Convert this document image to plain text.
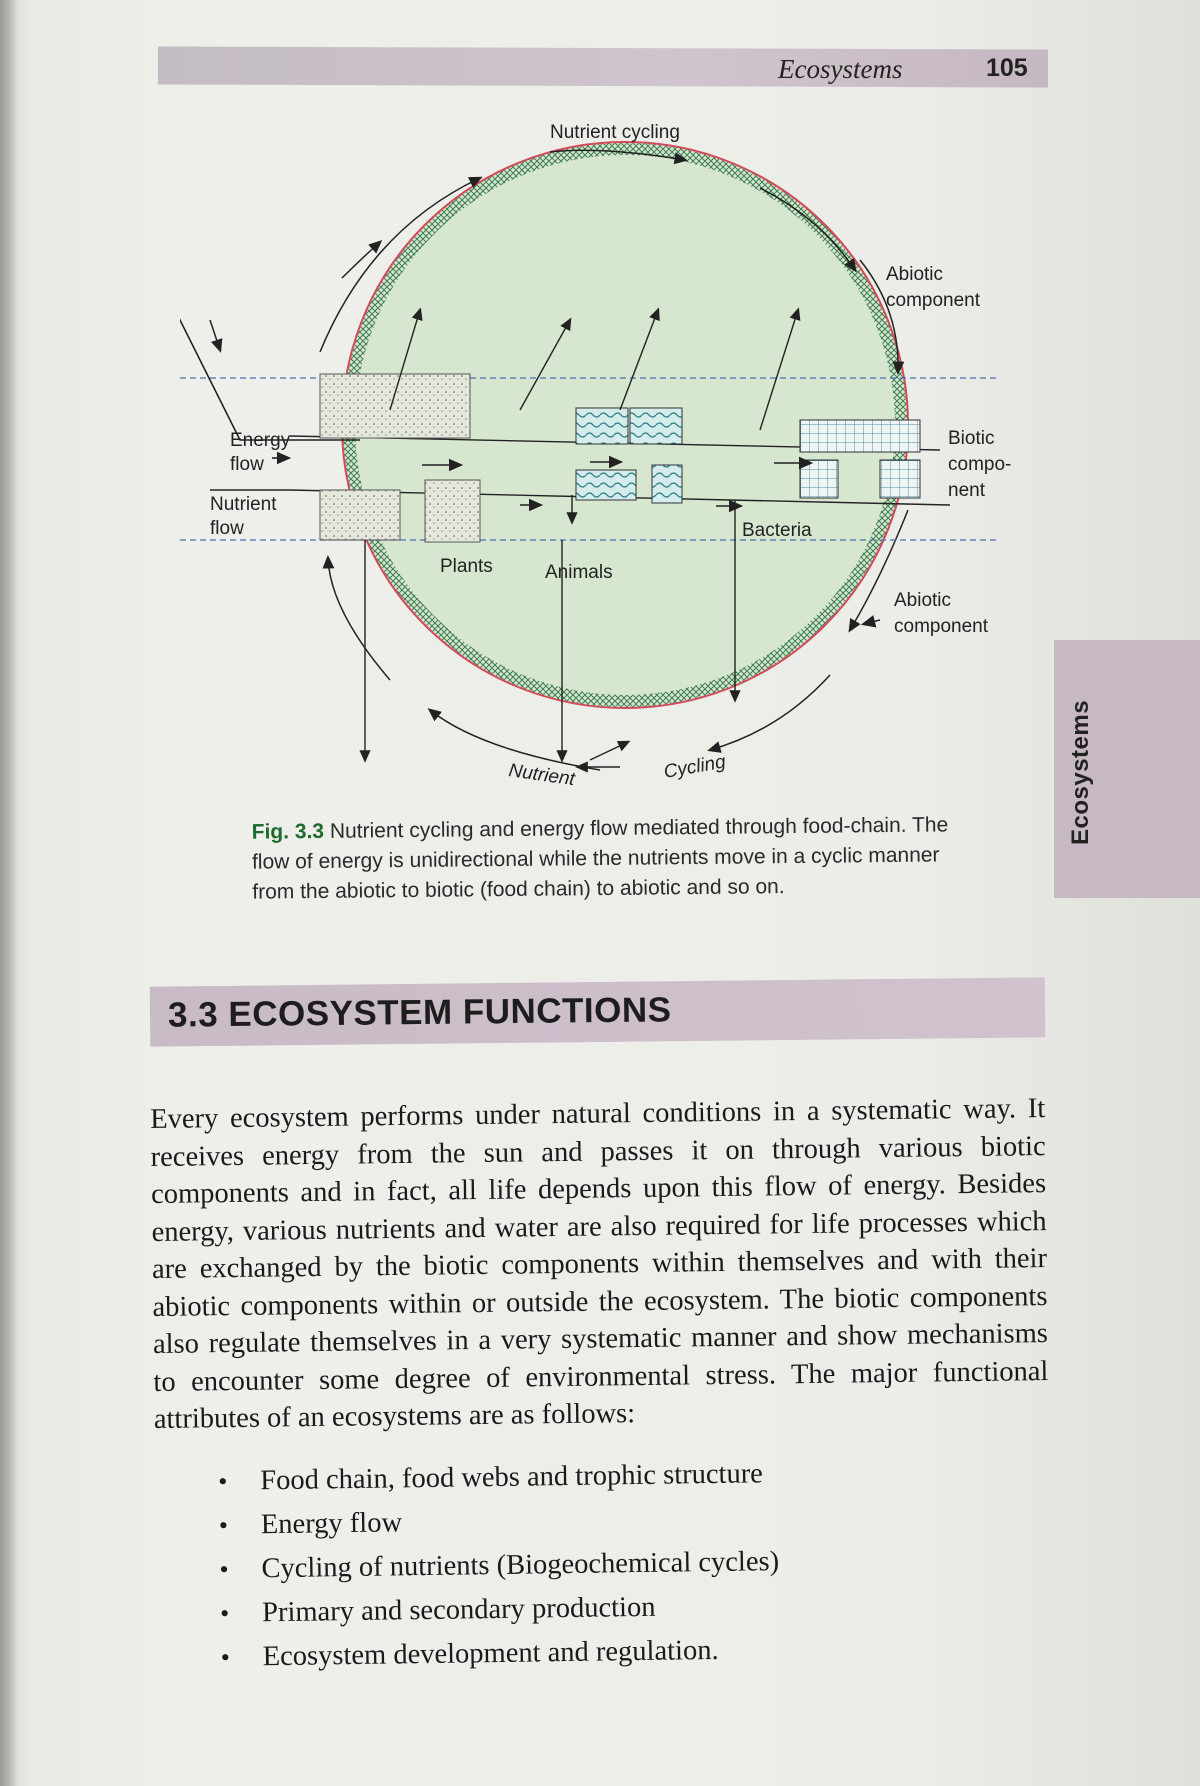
Ecosystems	105
Ecosystems
Nutrient cycling
Abiotic
component
Biotic
compo-
nent
Energy
flow
Nutrient
flow
Plants	Animals
Bacteria
Abiotic
component
Nutrient	Cycling
Fig. 3.3 Nutrient cycling and energy flow mediated through food-chain. The flow of energy is unidirectional while the nutrients move in a cyclic manner from the abiotic to biotic (food chain) to abiotic and so on.
3.3 ECOSYSTEM FUNCTIONS

Every ecosystem performs under natural conditions in a systematic way. It receives energy from the sun and passes it on through various biotic components and in fact, all life depends upon this flow of energy. Besides energy, various nutrients and water are also required for life processes which are exchanged by the biotic components within themselves and with their abiotic components within or outside the ecosystem. The biotic components also regulate themselves in a very systematic manner and show mechanisms to encounter some degree of environmental stress. The major functional attributes of an ecosystems are as follows:

• Food chain, food webs and trophic structure
• Energy flow
• Cycling of nutrients (Biogeochemical cycles)
• Primary and secondary production
• Ecosystem development and regulation.
